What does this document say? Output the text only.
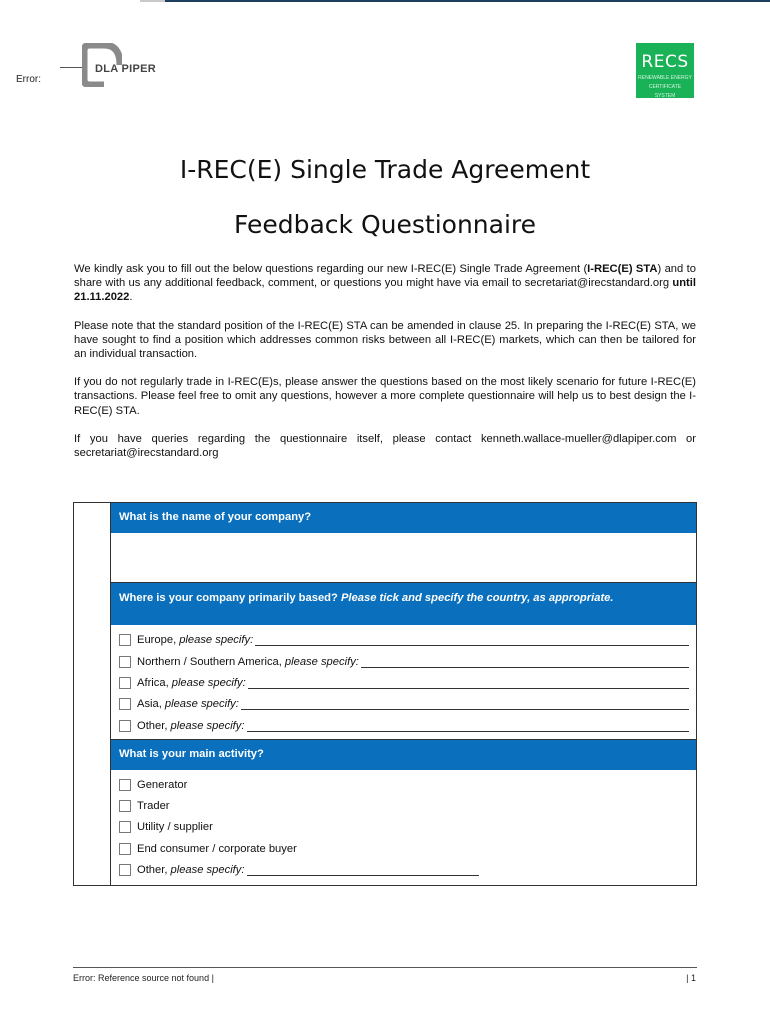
Error:
DLA PIPER	RECS
RENEWABLE ENERGY
CERTIFICATE
SYSTEM
I-REC(E) Single Trade Agreement
Feedback Questionnaire

We kindly ask you to fill out the below questions regarding our new I-REC(E) Single Trade Agreement (I-REC(E) STA) and to share with us any additional feedback, comment, or questions you might have via email to secretariat@irecstandard.org until 21.11.2022.

Please note that the standard position of the I-REC(E) STA can be amended in clause 25. In preparing the I-REC(E) STA, we have sought to find a position which addresses common risks between all I-REC(E) markets, which can then be tailored for an individual transaction.

If you do not regularly trade in I-REC(E)s, please answer the questions based on the most likely scenario for future I-REC(E) transactions. Please feel free to omit any questions, however a more complete questionnaire will help us to best design the I-REC(E) STA.

If you have queries regarding the questionnaire itself, please contact kenneth.wallace-mueller@dlapiper.com or secretariat@irecstandard.org

What is the name of your company?
Where is your company primarily based? Please tick and specify the country, as appropriate.
Europe, please specify:
Northern / Southern America, please specify:
Africa, please specify:
Asia, please specify:
Other, please specify:
What is your main activity?
Generator
Trader
Utility / supplier
End consumer / corporate buyer
Other, please specify:
Error: Reference source not found |	| 1
